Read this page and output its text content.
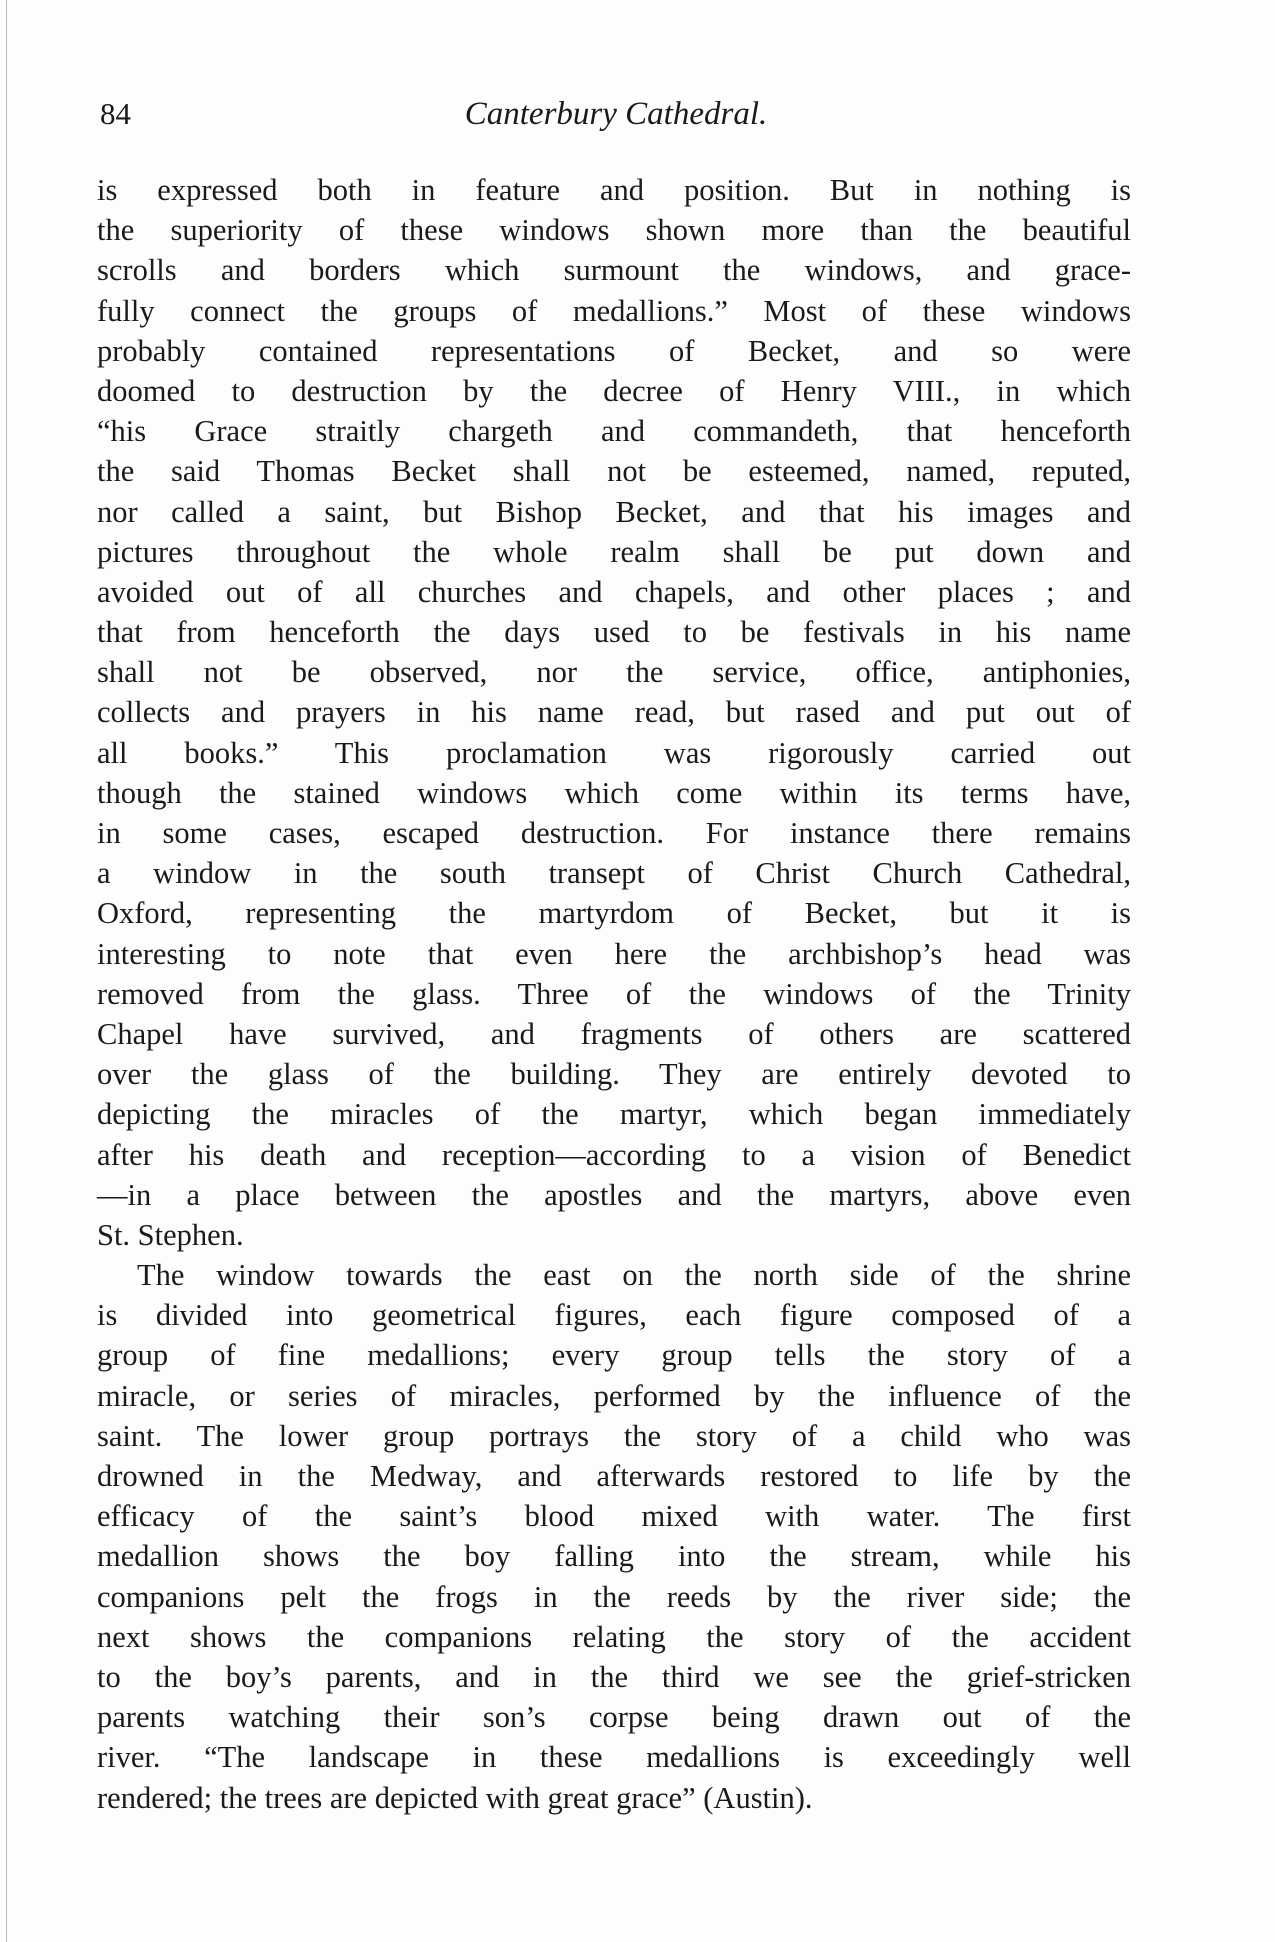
84	Canterbury Cathedral.
is expressed both in feature and position. But in nothing is
the superiority of these windows shown more than the beautiful
scrolls and borders which surmount the windows, and grace-
fully connect the groups of medallions.” Most of these windows
probably contained representations of Becket, and so were
doomed to destruction by the decree of Henry VIII., in which
“his Grace straitly chargeth and commandeth, that henceforth
the said Thomas Becket shall not be esteemed, named, reputed,
nor called a saint, but Bishop Becket, and that his images and
pictures throughout the whole realm shall be put down and
avoided out of all churches and chapels, and other places ; and
that from henceforth the days used to be festivals in his name
shall not be observed, nor the service, office, antiphonies,
collects and prayers in his name read, but rased and put out of
all books.” This proclamation was rigorously carried out
though the stained windows which come within its terms have,
in some cases, escaped destruction. For instance there remains
a window in the south transept of Christ Church Cathedral,
Oxford, representing the martyrdom of Becket, but it is
interesting to note that even here the archbishop’s head was
removed from the glass. Three of the windows of the Trinity
Chapel have survived, and fragments of others are scattered
over the glass of the building. They are entirely devoted to
depicting the miracles of the martyr, which began immediately
after his death and reception—according to a vision of Benedict
—in a place between the apostles and the martyrs, above even
St. Stephen.
The window towards the east on the north side of the shrine
is divided into geometrical figures, each figure composed of a
group of fine medallions; every group tells the story of a
miracle, or series of miracles, performed by the influence of the
saint. The lower group portrays the story of a child who was
drowned in the Medway, and afterwards restored to life by the
efficacy of the saint’s blood mixed with water. The first
medallion shows the boy falling into the stream, while his
companions pelt the frogs in the reeds by the river side; the
next shows the companions relating the story of the accident
to the boy’s parents, and in the third we see the grief-stricken
parents watching their son’s corpse being drawn out of the
river. “The landscape in these medallions is exceedingly well
rendered; the trees are depicted with great grace” (Austin).
